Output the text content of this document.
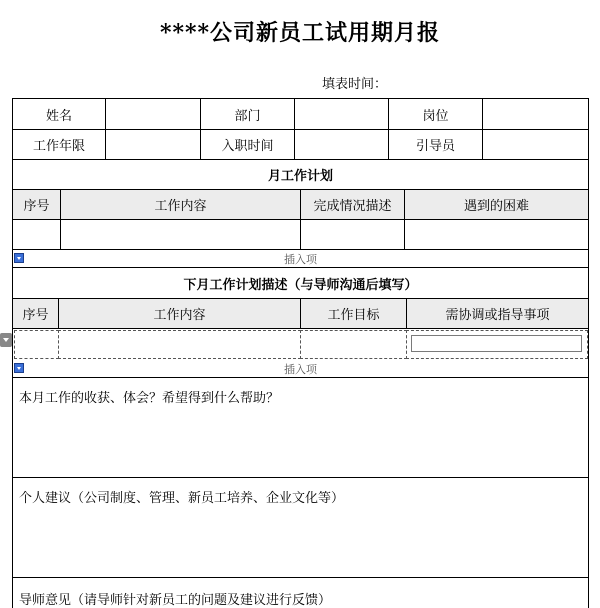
****公司新员工试用期月报
填表时间：
姓名	部门	岗位
工作年限	入职时间	引导员
月工作计划
序号	工作内容	完成情况描述	遇到的困难
插入项
下月工作计划描述（与导师沟通后填写）
序号	工作内容	工作目标	需协调或指导事项
插入项
本月工作的收获、体会？希望得到什么帮助？
个人建议（公司制度、管理、新员工培养、企业文化等）
导师意见（请导师针对新员工的问题及建议进行反馈）
